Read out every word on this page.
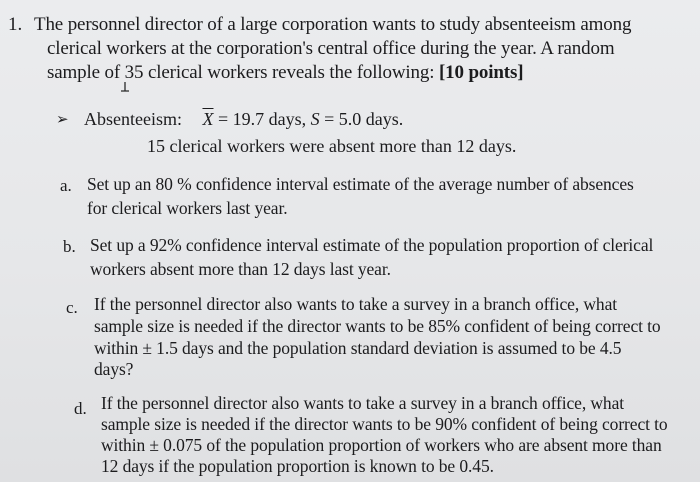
1. The personnel director of a large corporation wants to study absenteeism among
clerical workers at the corporation's central office during the year. A random
sample of 35 clerical workers reveals the following: [10 points]
➢ Absenteeism: $\overline{X} = 19.7$ days, S = 5.0 days.
15 clerical workers were absent more than 12 days.
a. Set up an 80 % confidence interval estimate of the average number of absences
for clerical workers last year.
b. Set up a 92% confidence interval estimate of the population proportion of clerical
workers absent more than 12 days last year.
c. If the personnel director also wants to take a survey in a branch office, what
sample size is needed if the director wants to be 85% confident of being correct to
within ± 1.5 days and the population standard deviation is assumed to be 4.5
days?
d. If the personnel director also wants to take a survey in a branch office, what
sample size is needed if the director wants to be 90% confident of being correct to
within ± 0.075 of the population proportion of workers who are absent more than
12 days if the population proportion is known to be 0.45.
